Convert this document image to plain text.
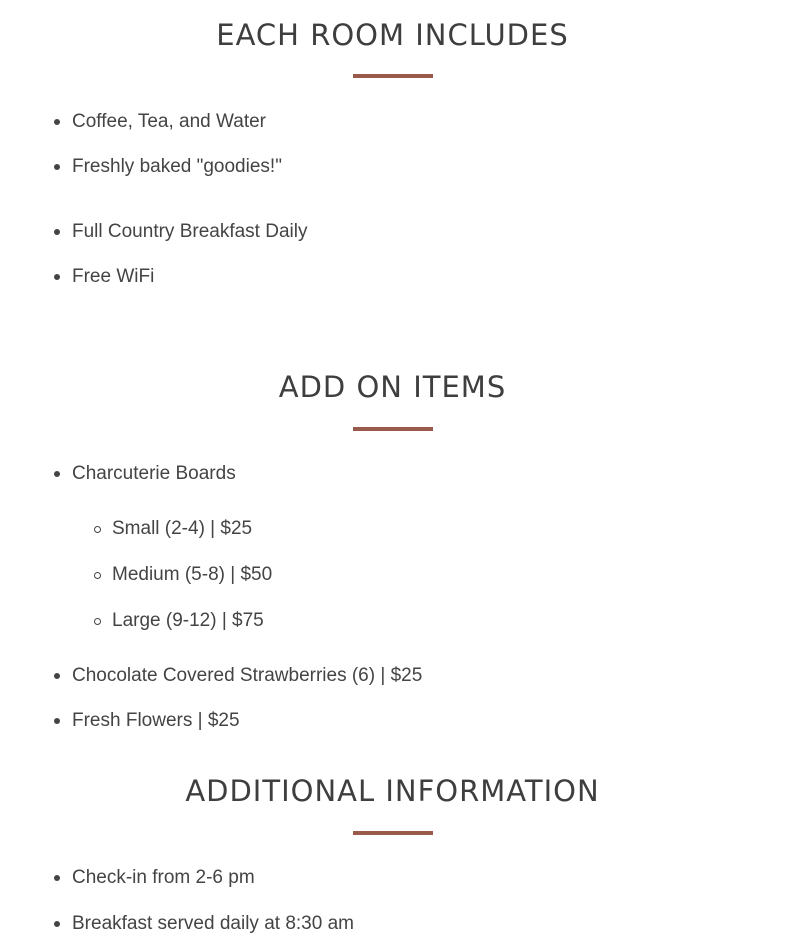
EACH ROOM INCLUDES
Coffee, Tea, and Water
Freshly baked "goodies!"
Full Country Breakfast Daily
Free WiFi
ADD ON ITEMS
Charcuterie Boards
Small (2-4) | $25
Medium (5-8) | $50
Large (9-12) | $75
Chocolate Covered Strawberries (6) | $25
Fresh Flowers | $25
ADDITIONAL INFORMATION
Check-in from 2-6 pm
Breakfast served daily at 8:30 am
